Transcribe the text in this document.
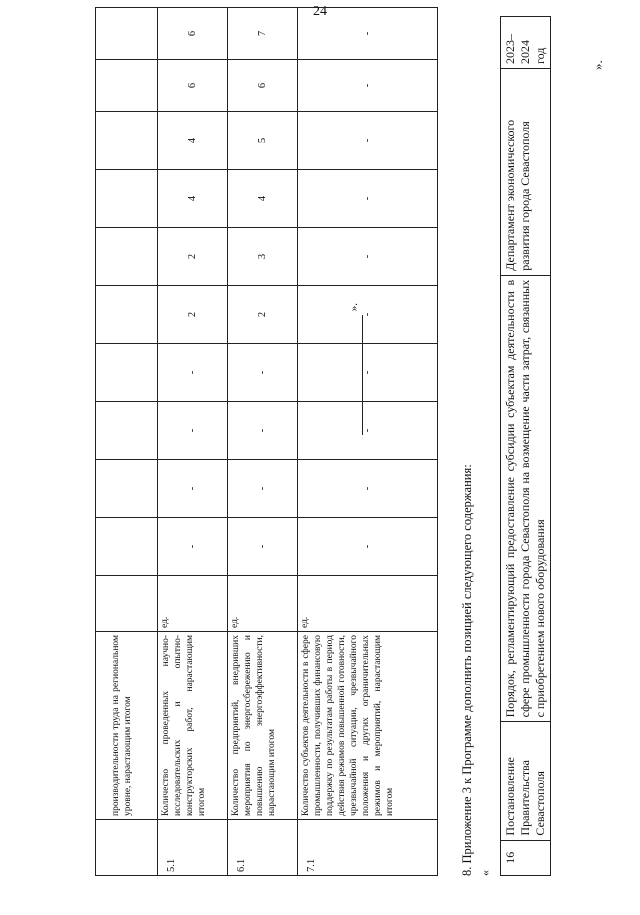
24
	производительности труда на региональном уровне, нарастающим итогом											
5.1	Количество проведенных научно-исследовательских и опытно-конструкторских работ, нарастающим итогом	ед.	-	-	-	-	2	2	4	4	6	6
6.1	Количество предприятий, внедривших мероприятия по энергосбережению и повышению энергоэффективности, нарастающим итогом	ед.	-	-	-	-	2	3	4	5	6	7
7.1	Количество субъектов деятельности в сфере промышленности, получивших финансовую поддержку по результатам работы в период действия режимов повышенной готовности, чрезвычайной ситуации, чрезвычайного положения и других ограничительных режимов и мероприятий, нарастающим итогом	ед.	-	-	-	-	-	-	-	-	-	-
».
8. Приложение 3 к Программе дополнить позицией следующего содержания: «
16	Постановление Правительства Севастополя	Порядок, регламентирующий предоставление субсидии субъектам деятельности в сфере промышленности города Севастополя на возмещение части затрат, связанных с приобретением нового оборудования	Департамент экономического развития города Севастополя	2023–2024 год
».
